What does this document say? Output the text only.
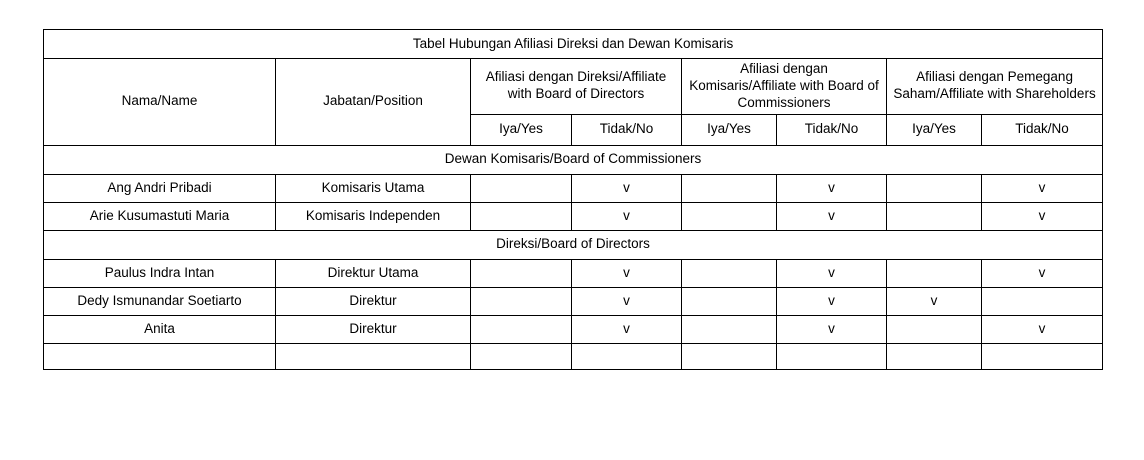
Tabel Hubungan Afiliasi Direksi dan Dewan Komisaris							
Nama/Name	Jabatan/Position	Afiliasi dengan Direksi/Affiliate with Board of Directors		Afiliasi dengan Komisaris/Affiliate with Board of Commissioners		Afiliasi dengan Pemegang Saham/Affiliate with Shareholders	
		Iya/Yes	Tidak/No	Iya/Yes	Tidak/No	Iya/Yes	Tidak/No
Dewan Komisaris/Board of Commissioners							
Ang Andri Pribadi	Komisaris Utama		v		v		v
Arie Kusumastuti Maria	Komisaris Independen		v		v		v
Direksi/Board of Directors							
Paulus Indra Intan	Direktur Utama		v		v		v
Dedy Ismunandar Soetiarto	Direktur		v		v	v	
Anita	Direktur		v		v		v
